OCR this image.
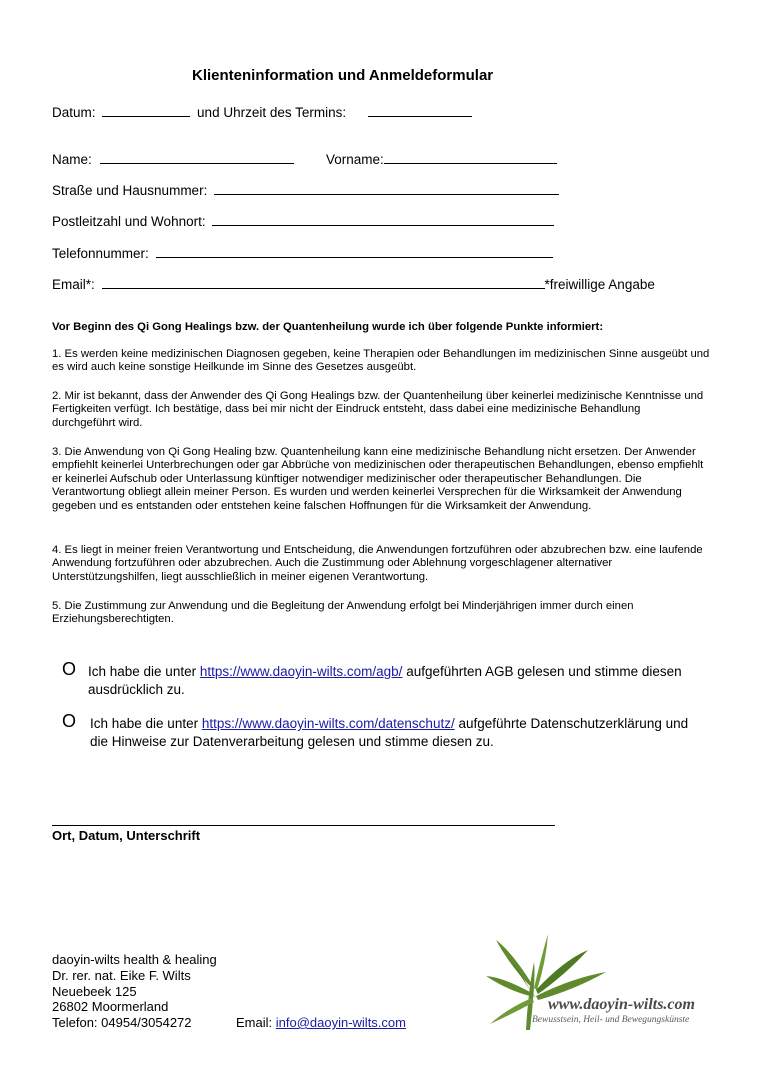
Klienteninformation und Anmeldeformular
Datum:	und Uhrzeit des Termins:
Name:	Vorname:
Straße und Hausnummer:
Postleitzahl und Wohnort:
Telefonnummer:
Email*:	*freiwillige Angabe
Vor Beginn des Qi Gong Healings bzw. der Quantenheilung wurde ich über folgende Punkte informiert:
1. Es werden keine medizinischen Diagnosen gegeben, keine Therapien oder Behandlungen im medizinischen Sinne ausgeübt und es wird auch keine sonstige Heilkunde im Sinne des Gesetzes ausgeübt.
2. Mir ist bekannt, dass der Anwender des Qi Gong Healings bzw. der Quantenheilung über keinerlei medizinische Kenntnisse und Fertigkeiten verfügt. Ich bestätige, dass bei mir nicht der Eindruck entsteht, dass dabei eine medizinische Behandlung durchgeführt wird.
3. Die Anwendung von Qi Gong Healing bzw. Quantenheilung kann eine medizinische Behandlung nicht ersetzen. Der Anwender empfiehlt keinerlei Unterbrechungen oder gar Abbrüche von medizinischen oder therapeutischen Behandlungen, ebenso empfiehlt er keinerlei Aufschub oder Unterlassung künftiger notwendiger medizinischer oder therapeutischer Behandlungen. Die Verantwortung obliegt allein meiner Person. Es wurden und werden keinerlei Versprechen für die Wirksamkeit der Anwendung gegeben und es entstanden oder entstehen keine falschen Hoffnungen für die Wirksamkeit der Anwendung.
4. Es liegt in meiner freien Verantwortung und Entscheidung, die Anwendungen fortzuführen oder abzubrechen bzw. eine laufende Anwendung fortzuführen oder abzubrechen. Auch die Zustimmung oder Ablehnung vorgeschlagener alternativer Unterstützungshilfen, liegt ausschließlich in meiner eigenen Verantwortung.
5. Die Zustimmung zur Anwendung und die Begleitung der Anwendung erfolgt bei Minderjährigen immer durch einen Erziehungsberechtigten.
O Ich habe die unter https://www.daoyin-wilts.com/agb/ aufgeführten AGB gelesen und stimme diesen
ausdrücklich zu.
O Ich habe die unter https://www.daoyin-wilts.com/datenschutz/ aufgeführte Datenschutzerklärung und
die Hinweise zur Datenverarbeitung gelesen und stimme diesen zu.
Ort, Datum, Unterschrift
daoyin-wilts health & healing
Dr. rer. nat. Eike F. Wilts
Neuebeek 125
26802 Moormerland
Telefon: 04954/3054272	Email: info@daoyin-wilts.com
www.daoyin-wilts.com
Bewusstsein, Heil- und Bewegungskünste
